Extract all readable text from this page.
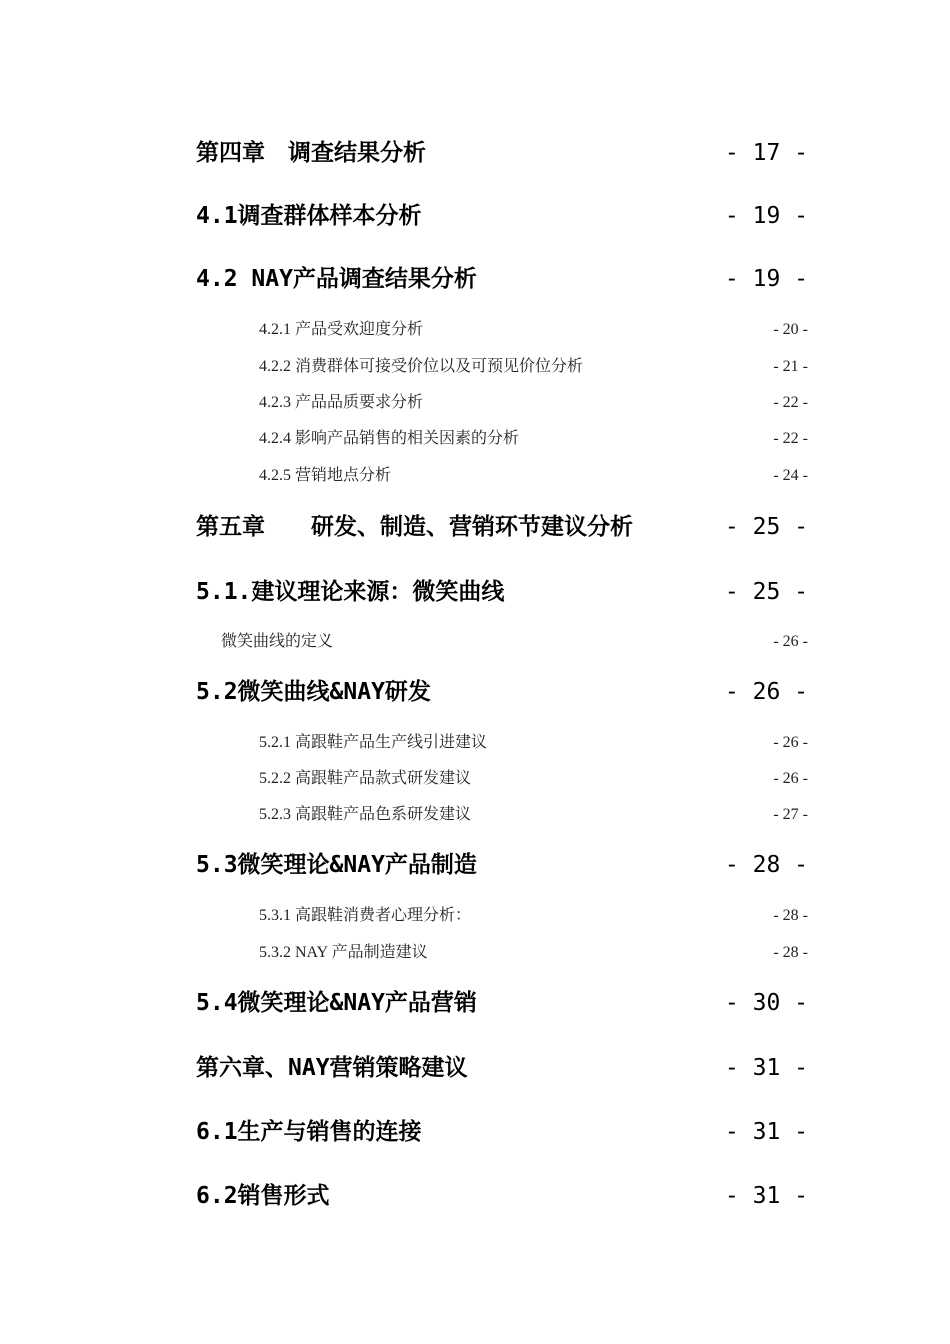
第四章　调查结果分析	- 17 -
4.1调查群体样本分析	- 19 -
4.2 NAY产品调查结果分析	- 19 -
4.2.1 产品受欢迎度分析	- 20 -
4.2.2 消费群体可接受价位以及可预见价位分析	- 21 -
4.2.3 产品品质要求分析	- 22 -
4.2.4 影响产品销售的相关因素的分析	- 22 -
4.2.5 营销地点分析	- 24 -
第五章　　研发、制造、营销环节建议分析	- 25 -
5.1.建议理论来源：微笑曲线	- 25 -
微笑曲线的定义	- 26 -
5.2微笑曲线&NAY研发	- 26 -
5.2.1 高跟鞋产品生产线引进建议	- 26 -
5.2.2 高跟鞋产品款式研发建议	- 26 -
5.2.3 高跟鞋产品色系研发建议	- 27 -
5.3微笑理论&NAY产品制造	- 28 -
5.3.1 高跟鞋消费者心理分析：	- 28 -
5.3.2 NAY 产品制造建议	- 28 -
5.4微笑理论&NAY产品营销	- 30 -
第六章、NAY营销策略建议	- 31 -
6.1生产与销售的连接	- 31 -
6.2销售形式	- 31 -
